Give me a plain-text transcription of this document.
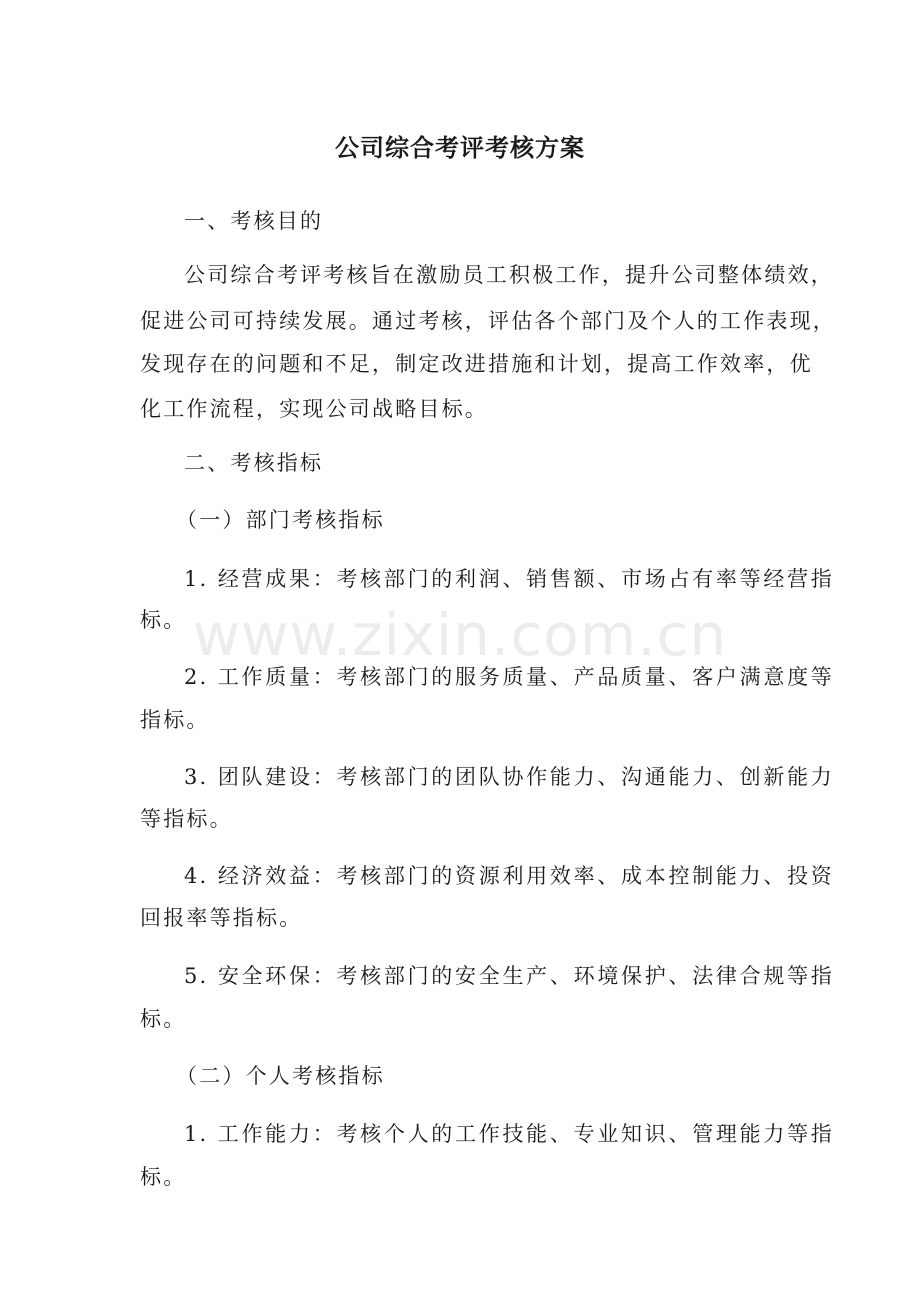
www.zixin.com.cn
公司综合考评考核方案
一、考核目的
公司综合考评考核旨在激励员工积极工作，提升公司整体绩效，
促进公司可持续发展。通过考核，评估各个部门及个人的工作表现，
发现存在的问题和不足，制定改进措施和计划，提高工作效率，优
化工作流程，实现公司战略目标。
二、考核指标
（一）部门考核指标
1. 经营成果：考核部门的利润、销售额、市场占有率等经营指
标。
2. 工作质量：考核部门的服务质量、产品质量、客户满意度等
指标。
3. 团队建设：考核部门的团队协作能力、沟通能力、创新能力
等指标。
4. 经济效益：考核部门的资源利用效率、成本控制能力、投资
回报率等指标。
5. 安全环保：考核部门的安全生产、环境保护、法律合规等指
标。
（二）个人考核指标
1. 工作能力：考核个人的工作技能、专业知识、管理能力等指
标。
